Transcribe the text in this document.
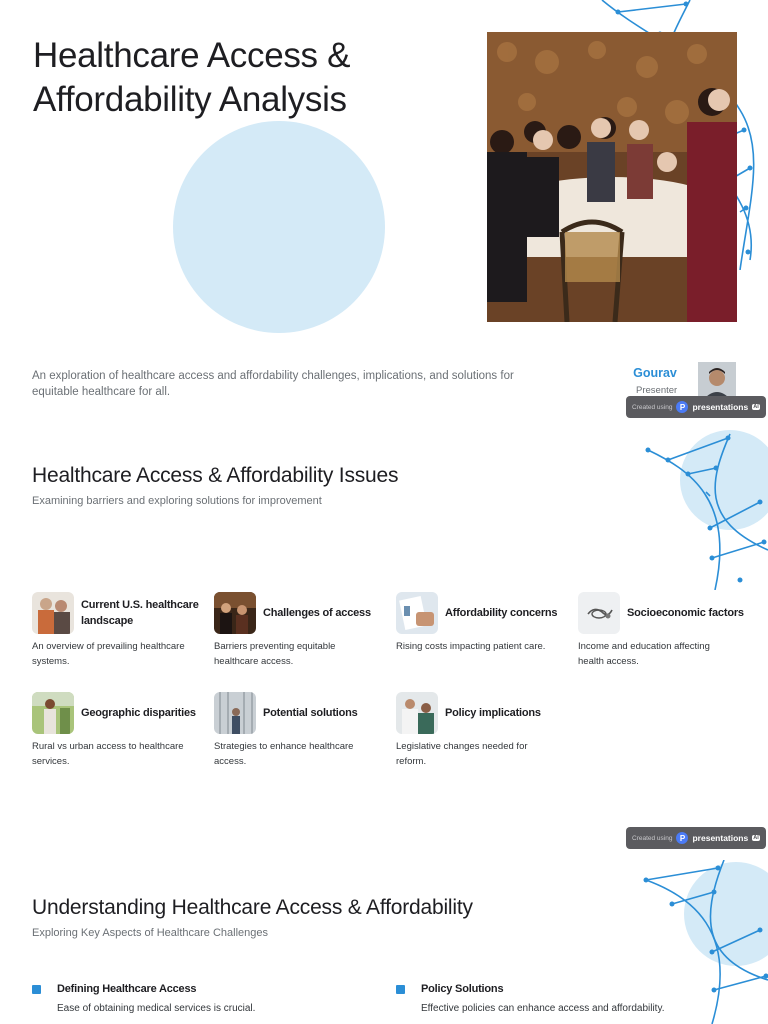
Healthcare Access &
Affordability Analysis

An exploration of healthcare access and affordability challenges, implications, and solutions for equitable healthcare for all.

Gourav
Presenter
Created using P presentations AI
Healthcare Access & Affordability Issues

Examining barriers and exploring solutions for improvement

Current U.S. healthcare landscape
An overview of prevailing healthcare systems.
Challenges of access
Barriers preventing equitable healthcare access.
Affordability concerns
Rising costs impacting patient care.
Socioeconomic factors
Income and education affecting health access.
Geographic disparities
Rural vs urban access to healthcare services.
Potential solutions
Strategies to enhance healthcare access.
Policy implications
Legislative changes needed for reform.
Created using P presentations AI
Understanding Healthcare Access & Affordability

Exploring Key Aspects of Healthcare Challenges

Defining Healthcare Access
Ease of obtaining medical services is crucial.
Policy Solutions
Effective policies can enhance access and affordability.
